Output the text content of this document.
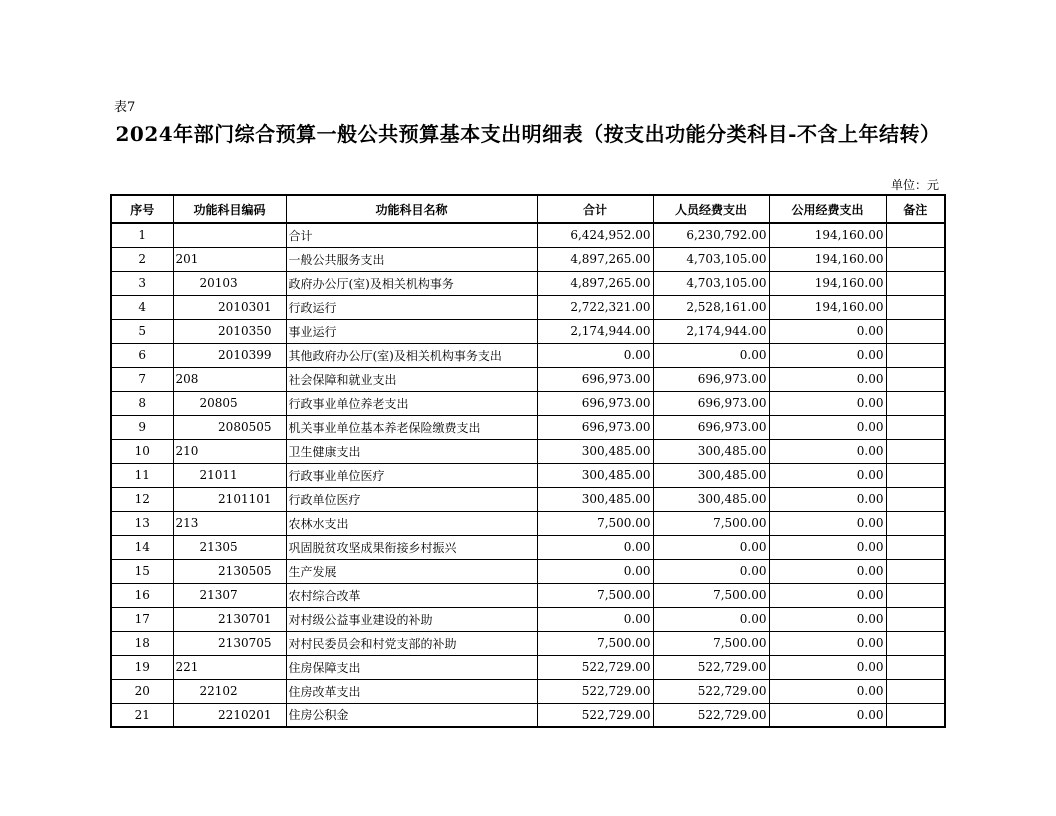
表7
2024年部门综合预算一般公共预算基本支出明细表（按支出功能分类科目-不含上年结转）
单位：元
序号	功能科目编码	功能科目名称	合计	人员经费支出	公用经费支出	备注
1		合计	6,424,952.00	6,230,792.00	194,160.00	
2	201	一般公共服务支出	4,897,265.00	4,703,105.00	194,160.00	
3	20103	政府办公厅(室)及相关机构事务	4,897,265.00	4,703,105.00	194,160.00	
4	2010301	行政运行	2,722,321.00	2,528,161.00	194,160.00	
5	2010350	事业运行	2,174,944.00	2,174,944.00	0.00	
6	2010399	其他政府办公厅(室)及相关机构事务支出	0.00	0.00	0.00	
7	208	社会保障和就业支出	696,973.00	696,973.00	0.00	
8	20805	行政事业单位养老支出	696,973.00	696,973.00	0.00	
9	2080505	机关事业单位基本养老保险缴费支出	696,973.00	696,973.00	0.00	
10	210	卫生健康支出	300,485.00	300,485.00	0.00	
11	21011	行政事业单位医疗	300,485.00	300,485.00	0.00	
12	2101101	行政单位医疗	300,485.00	300,485.00	0.00	
13	213	农林水支出	7,500.00	7,500.00	0.00	
14	21305	巩固脱贫攻坚成果衔接乡村振兴	0.00	0.00	0.00	
15	2130505	生产发展	0.00	0.00	0.00	
16	21307	农村综合改革	7,500.00	7,500.00	0.00	
17	2130701	对村级公益事业建设的补助	0.00	0.00	0.00	
18	2130705	对村民委员会和村党支部的补助	7,500.00	7,500.00	0.00	
19	221	住房保障支出	522,729.00	522,729.00	0.00	
20	22102	住房改革支出	522,729.00	522,729.00	0.00	
21	2210201	住房公积金	522,729.00	522,729.00	0.00	
